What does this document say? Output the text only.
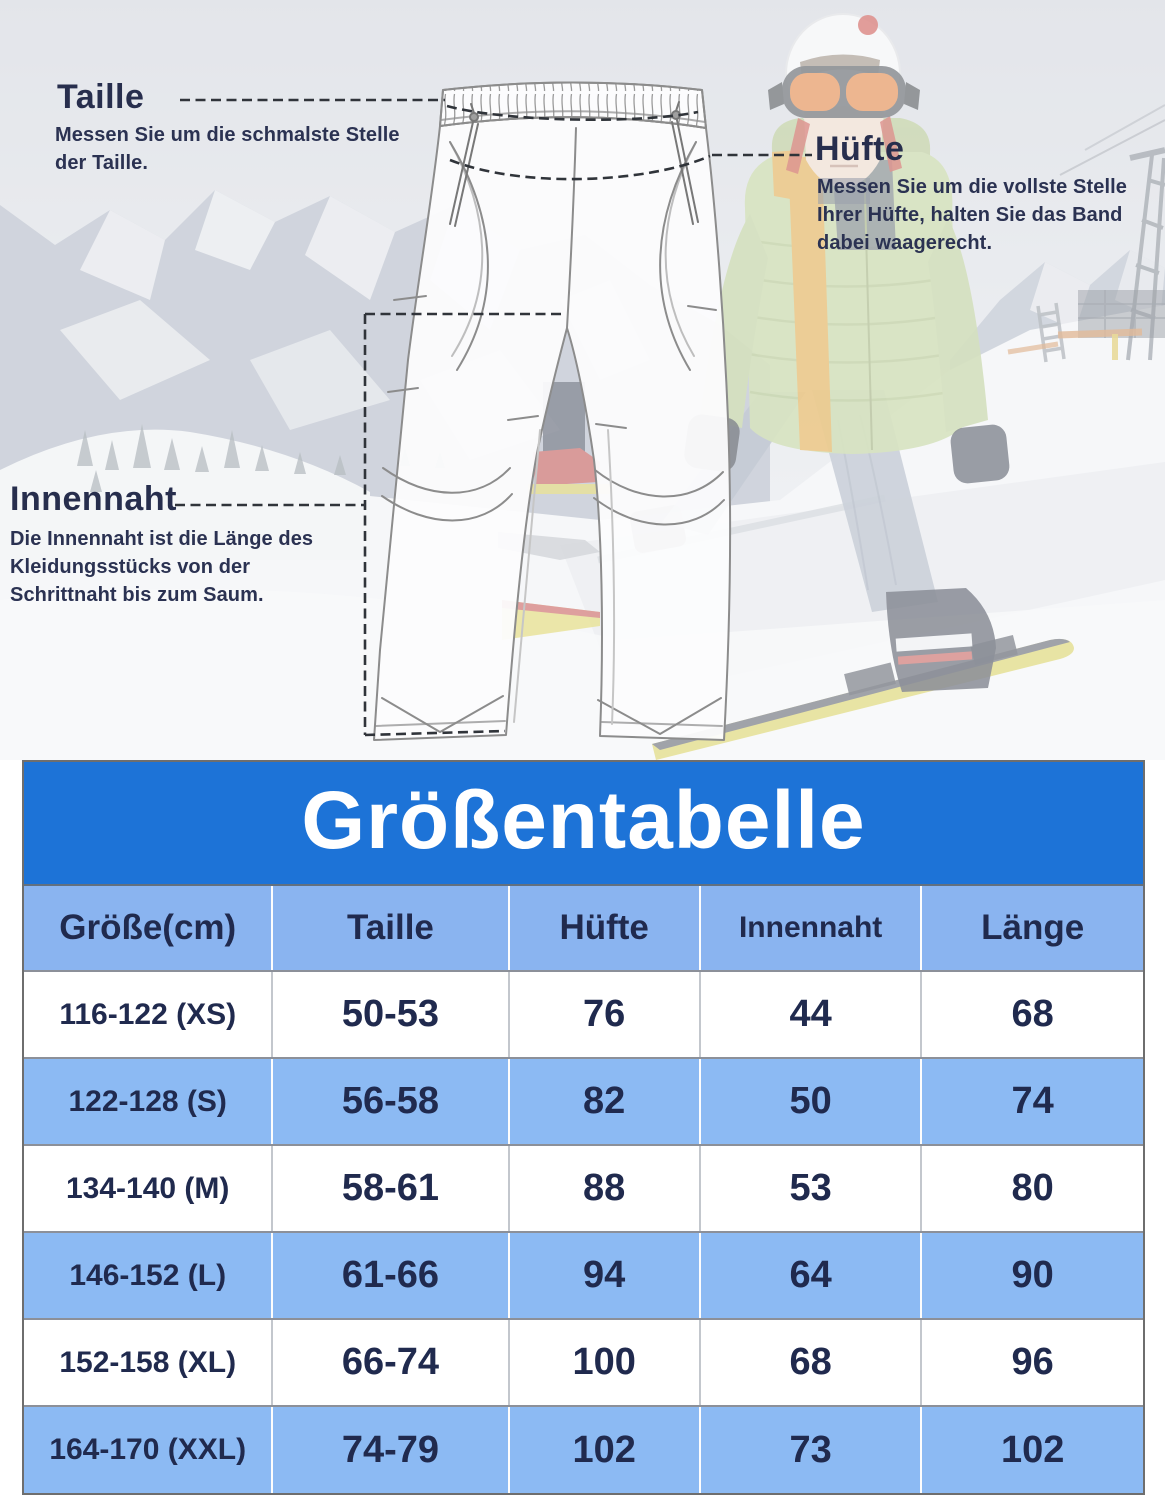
Taille
Messen Sie um die schmalste Stelle
der Taille.	Hüfte
Messen Sie um die vollste Stelle
Ihrer Hüfte, halten Sie das Band
dabei waagerecht.
Innennaht
Die Innennaht ist die Länge des
Kleidungsstücks von der
Schrittnaht bis zum Saum.
Größentabelle
Größe(cm)	Taille	Hüfte	Innennaht	Länge
116-122 (XS)	50-53	76	44	68
122-128 (S)	56-58	82	50	74
134-140 (M)	58-61	88	53	80
146-152 (L)	61-66	94	64	90
152-158 (XL)	66-74	100	68	96
164-170 (XXL)	74-79	102	73	102
